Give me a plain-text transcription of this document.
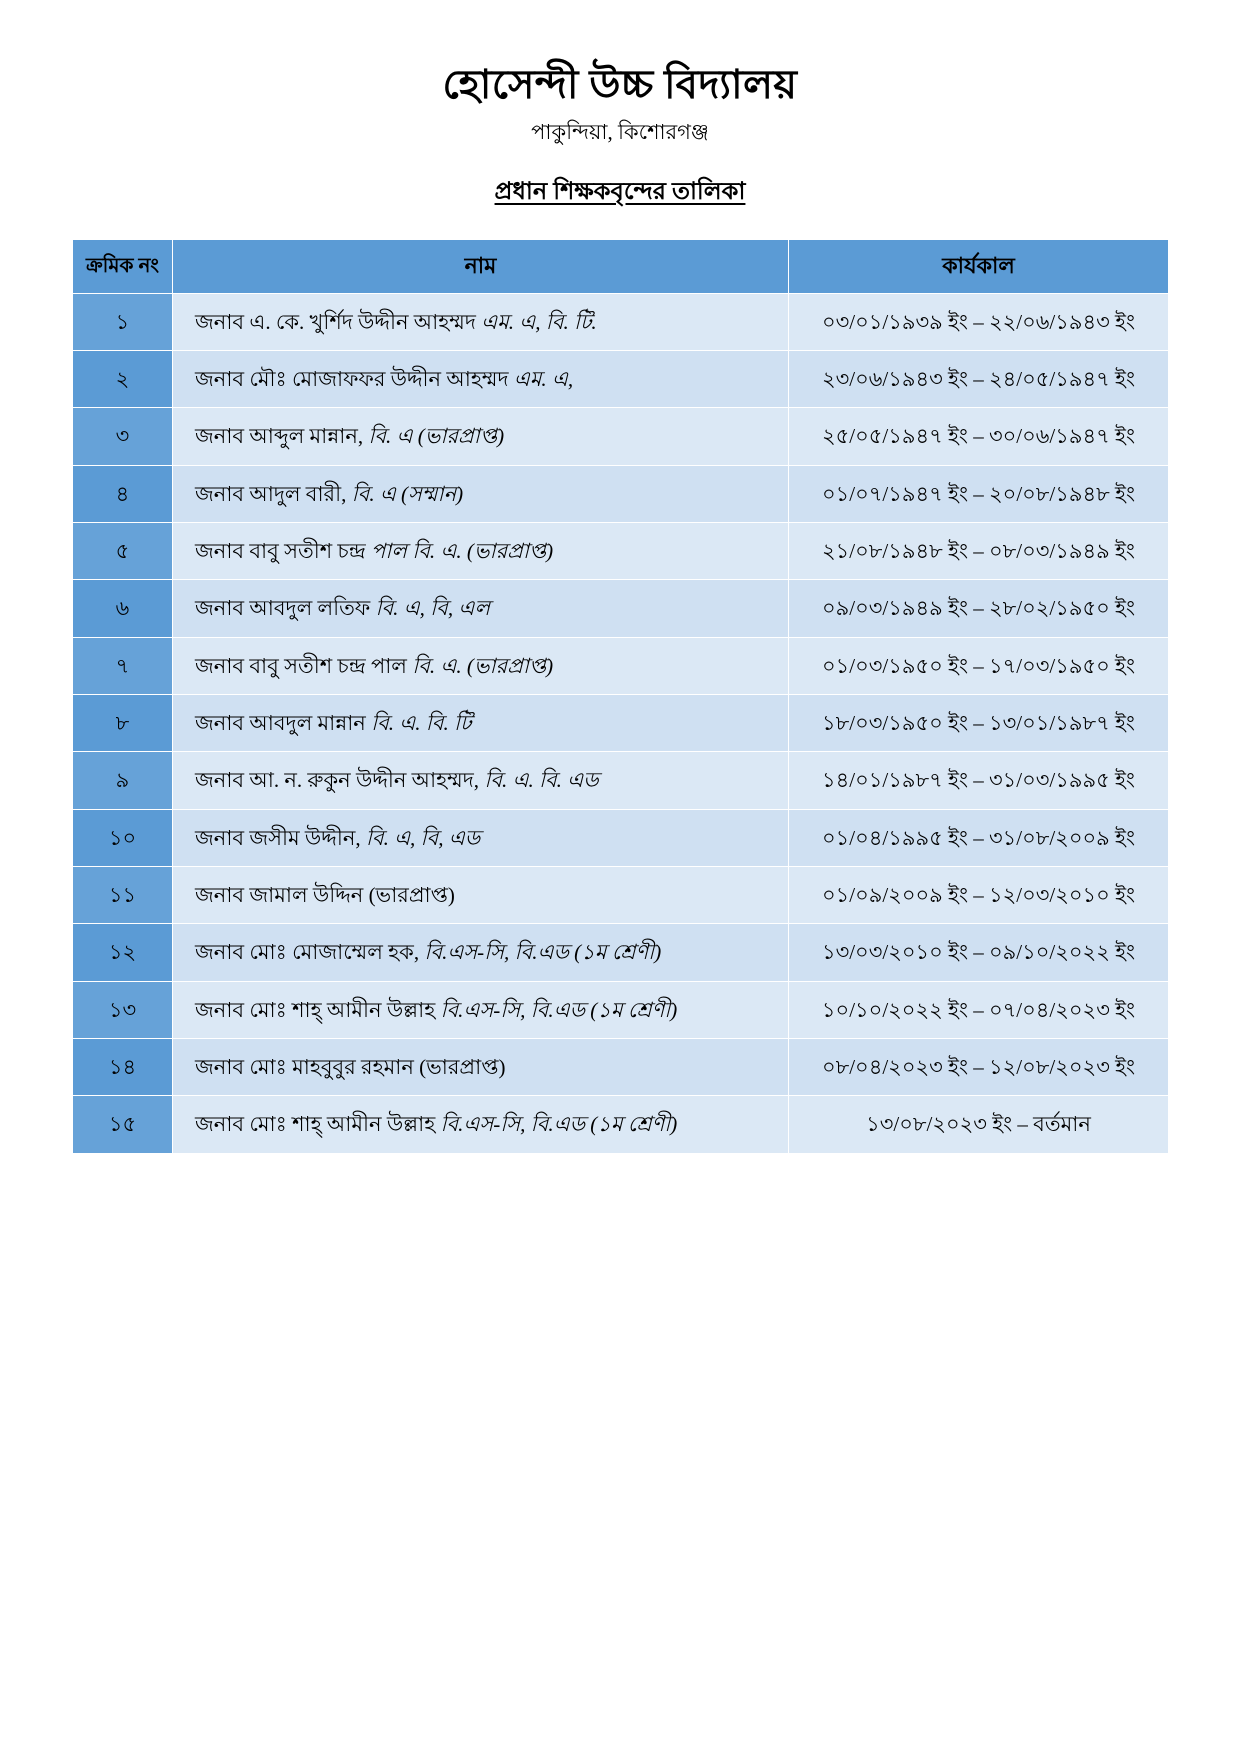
হোসেন্দী উচ্চ বিদ্যালয়
পাকুন্দিয়া, কিশোরগঞ্জ
প্রধান শিক্ষকবৃন্দের তালিকা
ক্রমিক নং	নাম	কার্যকাল
১	জনাব এ. কে. খুর্শিদ উদ্দীন আহম্মদ এম. এ, বি. টি.	০৩/০১/১৯৩৯ ইং – ২২/০৬/১৯৪৩ ইং
২	জনাব মৌঃ মোজাফফর উদ্দীন আহম্মদ এম. এ,	২৩/০৬/১৯৪৩ ইং – ২৪/০৫/১৯৪৭ ইং
৩	জনাব আব্দুল মান্নান, বি. এ (ভারপ্রাপ্ত)	২৫/০৫/১৯৪৭ ইং – ৩০/০৬/১৯৪৭ ইং
৪	জনাব আদুল বারী, বি. এ (সম্মান)	০১/০৭/১৯৪৭ ইং – ২০/০৮/১৯৪৮ ইং
৫	জনাব বাবু সতীশ চন্দ্র পাল বি. এ. (ভারপ্রাপ্ত)	২১/০৮/১৯৪৮ ইং – ০৮/০৩/১৯৪৯ ইং
৬	জনাব আবদুল লতিফ বি. এ, বি, এল	০৯/০৩/১৯৪৯ ইং – ২৮/০২/১৯৫০ ইং
৭	জনাব বাবু সতীশ চন্দ্র পাল বি. এ. (ভারপ্রাপ্ত)	০১/০৩/১৯৫০ ইং – ১৭/০৩/১৯৫০ ইং
৮	জনাব আবদুল মান্নান বি. এ. বি. টি	১৮/০৩/১৯৫০ ইং – ১৩/০১/১৯৮৭ ইং
৯	জনাব আ. ন. রুকুন উদ্দীন আহম্মদ, বি. এ. বি. এড	১৪/০১/১৯৮৭ ইং – ৩১/০৩/১৯৯৫ ইং
১০	জনাব জসীম উদ্দীন, বি. এ, বি, এড	০১/০৪/১৯৯৫ ইং – ৩১/০৮/২০০৯ ইং
১১	জনাব জামাল উদ্দিন (ভারপ্রাপ্ত)	০১/০৯/২০০৯ ইং – ১২/০৩/২০১০ ইং
১২	জনাব মোঃ মোজাম্মেল হক, বি.এস-সি, বি.এড (১ম শ্রেণী)	১৩/০৩/২০১০ ইং – ০৯/১০/২০২২ ইং
১৩	জনাব মোঃ শাহ্ আমীন উল্লাহ বি.এস-সি, বি.এড (১ম শ্রেণী)	১০/১০/২০২২ ইং – ০৭/০৪/২০২৩ ইং
১৪	জনাব মোঃ মাহবুবুর রহমান (ভারপ্রাপ্ত)	০৮/০৪/২০২৩ ইং – ১২/০৮/২০২৩ ইং
১৫	জনাব মোঃ শাহ্ আমীন উল্লাহ বি.এস-সি, বি.এড (১ম শ্রেণী)	১৩/০৮/২০২৩ ইং – বর্তমান
